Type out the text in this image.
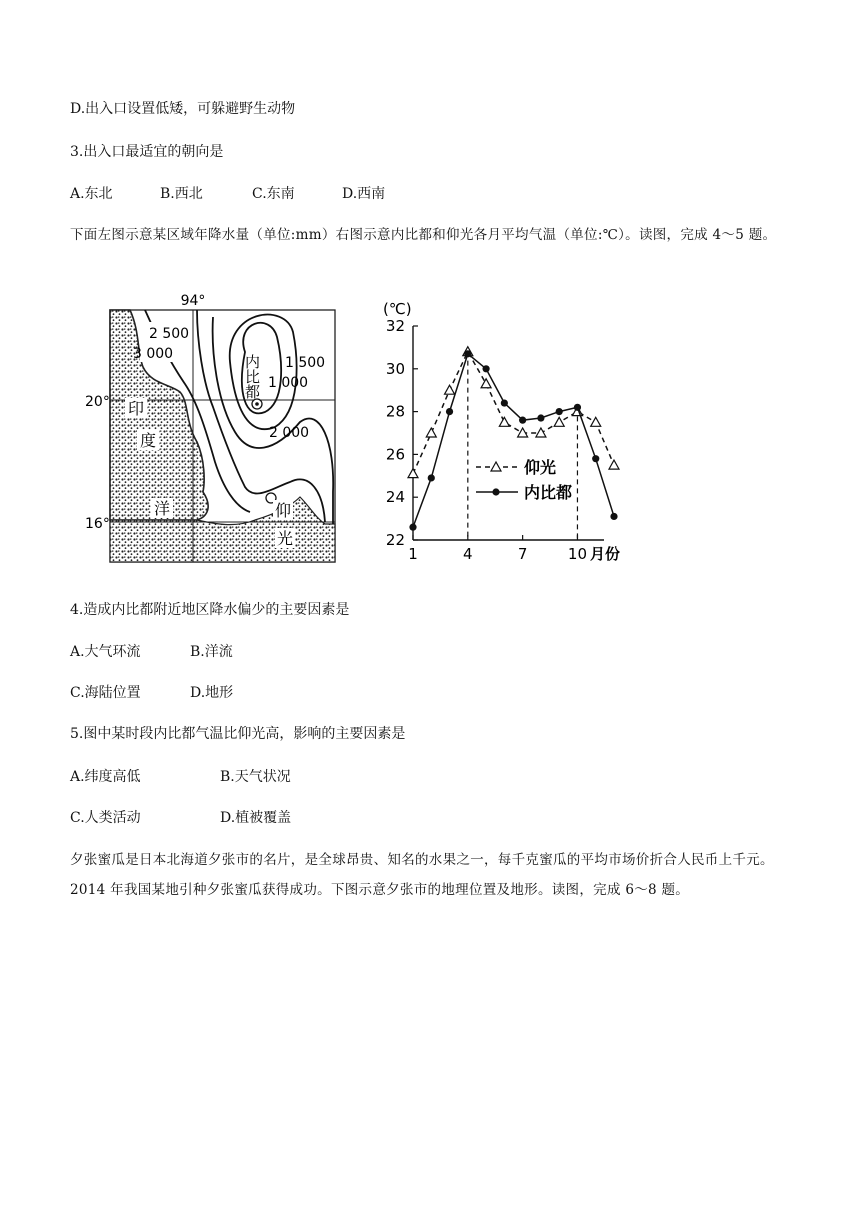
D.出入口设置低矮，可躲避野生动物
3.出入口最适宜的朝向是
A.东北	B.西北	C.东南	D.西南
下面左图示意某区域年降水量（单位:mm）右图示意内比都和仰光各月平均气温（单位:℃）。读图，完成 4～5 题。
94°
20°
16°
2 500
3 000
1 500
1 000
2 000
内比都
印
度
洋	仰
光
(℃)
月份
32
30
28
26
24
22
1	4	7	10
仰光
内比都
4.造成内比都附近地区降水偏少的主要因素是
A.大气环流	B.洋流
C.海陆位置	D.地形
5.图中某时段内比都气温比仰光高，影响的主要因素是
A.纬度高低	B.天气状况
C.人类活动	D.植被覆盖
夕张蜜瓜是日本北海道夕张市的名片，是全球昂贵、知名的水果之一，每千克蜜瓜的平均市场价折合人民币上千元。2014 年我国某地引种夕张蜜瓜获得成功。下图示意夕张市的地理位置及地形。读图，完成 6～8 题。
